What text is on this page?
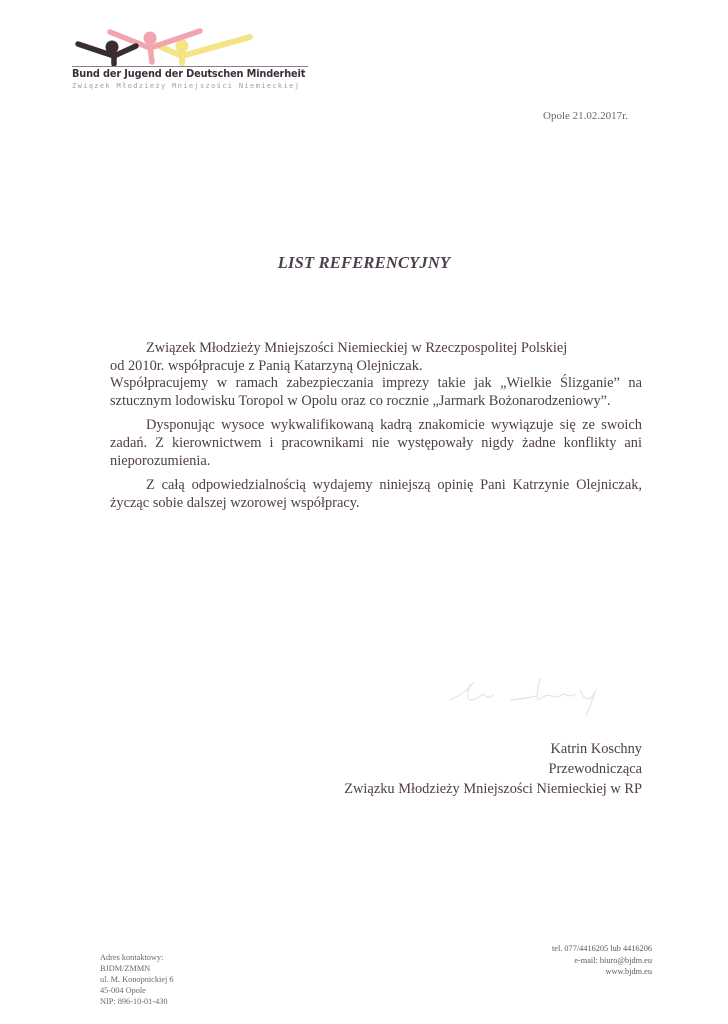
Bund der Jugend der Deutschen Minderheit
Związek Młodzieży Mniejszości Niemieckiej
Opole 21.02.2017r.
LIST REFERENCYJNY

Związek Młodzieży Mniejszości Niemieckiej w Rzeczpospolitej Polskiej

od 2010r. współpracuje z Panią Katarzyną Olejniczak.

Współpracujemy w ramach zabezpieczania imprezy takie jak „Wielkie Ślizganie” na sztucznym lodowisku Toropol w Opolu oraz co rocznie „Jarmark Bożonarodzeniowy”.

Dysponując wysoce wykwalifikowaną kadrą znakomicie wywiązuje się ze swoich zadań. Z kierownictwem i pracownikami nie występowały nigdy żadne konflikty ani nieporozumienia.

Z całą odpowiedzialnością wydajemy niniejszą opinię Pani Katrzynie Olejniczak, życząc sobie dalszej wzorowej współpracy.

Katrin Koschny
Przewodnicząca
Związku Młodzieży Mniejszości Niemieckiej w RP
Adres kontaktowy:
BJDM/ZMMN
ul. M. Konopnickiej 6
45-004 Opole
NIP: 896-10-01-430
tel. 077/4416205 lub 4416206
e-mail: biuro@bjdm.eu
www.bjdm.eu
